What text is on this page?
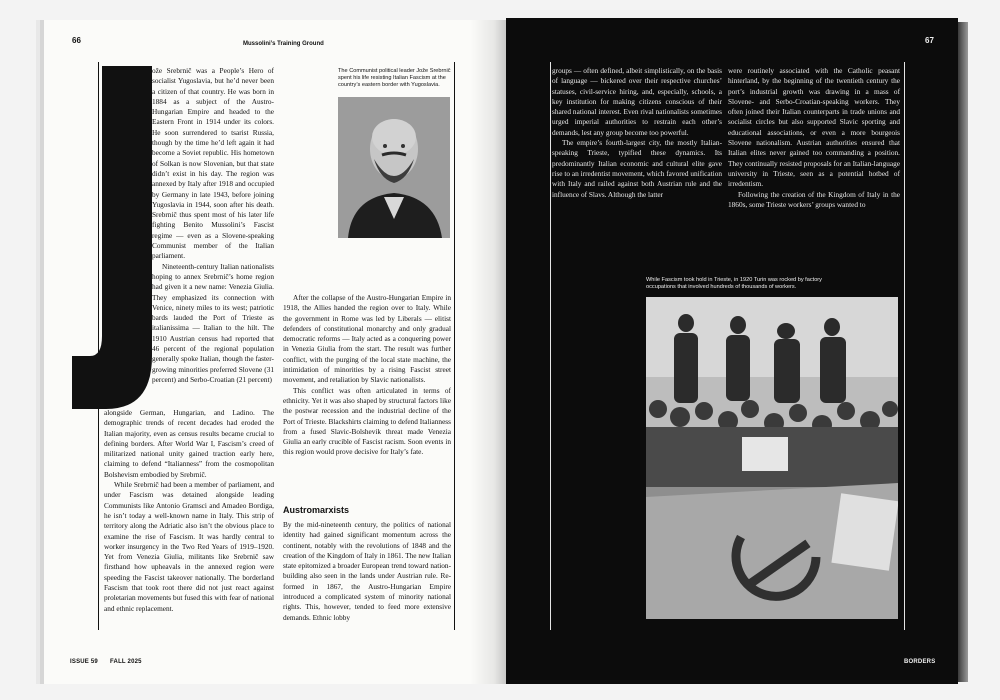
66	Mussolini’s Training Ground	67

ože Srebrnič was a People’s Hero of socialist Yugoslavia, but he’d never been a citizen of that country. He was born in 1884 as a subject of the Austro-Hungarian Empire and headed to the Eastern Front in 1914 under its colors. He soon surrendered to tsarist Russia, though by the time he’d left again it had become a Soviet republic. His hometown of Solkan is now Slovenian, but that state didn’t exist in his day. The region was annexed by Italy after 1918 and occupied by Germany in late 1943, before joining Yugoslavia in 1944, soon after his death. Srebrnič thus spent most of his later life fighting Benito Mussolini’s Fascist regime — even as a Slovene-speaking Communist member of the Italian parliament.

Nineteenth-century Italian nationalists hoping to annex Srebrnič’s home region had given it a new name: Venezia Giulia. They emphasized its connection with Venice, ninety miles to its west; patriotic bards lauded the Port of Trieste as italianissima — Italian to the hilt. The 1910 Austrian census had reported that 46 percent of the regional population generally spoke Italian, though the faster-growing minorities preferred Slovene (31 percent) and Serbo-Croatian (21 percent)

alongside German, Hungarian, and Ladino. The demographic trends of recent decades had eroded the Italian majority, even as census results became crucial to defining borders. After World War I, Fascism’s creed of militarized national unity gained traction early here, claiming to defend “Italianness” from the cosmopolitan Bolshevism embodied by Srebrnič.

While Srebrnič had been a member of parliament, and under Fascism was detained alongside leading Communists like Antonio Gramsci and Amadeo Bordiga, he isn’t today a well-known name in Italy. This strip of territory along the Adriatic also isn’t the obvious place to examine the rise of Fascism. It was hardly central to worker insurgency in the Two Red Years of 1919–1920. Yet from Venezia Giulia, militants like Srebrnič saw firsthand how upheavals in the annexed region were speeding the Fascist takeover nationally. The borderland Fascism that took root there did not just react against proletarian movements but fused this with fear of national and ethnic replacement.

The Communist political leader Jože Srebrnič spent his life resisting Italian Fascism at the country’s eastern border with Yugoslavia.

After the collapse of the Austro-Hungarian Empire in 1918, the Allies handed the region over to Italy. While the government in Rome was led by Liberals — elitist defenders of constitutional monarchy and only gradual democratic reforms — Italy acted as a conquering power in Venezia Giulia from the start. The result was further conflict, with the purging of the local state machine, the intimidation of minorities by a rising Fascist street movement, and retaliation by Slavic nationalists.

This conflict was often articulated in terms of ethnicity. Yet it was also shaped by structural factors like the postwar recession and the industrial decline of the Port of Trieste. Blackshirts claiming to defend Italianness from a fused Slavic-Bolshevik threat made Venezia Giulia an early crucible of Fascist racism. Soon events in this region would prove decisive for Italy’s fate.

Austromarxists

By the mid-nineteenth century, the politics of national identity had gained significant momentum across the continent, notably with the revolutions of 1848 and the creation of the Kingdom of Italy in 1861. The new Italian state epitomized a broader European trend toward nation-building also seen in the lands under Austrian rule. Re-formed in 1867, the Austro-Hungarian Empire introduced a complicated system of minority national rights. This, however, tended to feed more extensive demands. Ethnic lobby

groups — often defined, albeit simplistically, on the basis of language — bickered over their respective churches’ statuses, civil-service hiring, and, especially, schools, a key institution for making citizens conscious of their shared national interest. Even rival nationalists sometimes urged imperial authorities to restrain each other’s demands, lest any group become too powerful.

The empire’s fourth-largest city, the mostly Italian-speaking Trieste, typified these dynamics. Its predominantly Italian economic and cultural elite gave rise to an irredentist movement, which favored unification with Italy and railed against both Austrian rule and the influence of Slavs. Although the latter

were routinely associated with the Catholic peasant hinterland, by the beginning of the twentieth century the port’s industrial growth was drawing in a mass of Slovene- and Serbo-Croatian-speaking workers. They often joined their Italian counterparts in trade unions and socialist circles but also supported Slavic sporting and educational associations, or even a more bourgeois Slovene nationalism. Austrian authorities ensured that Italian elites never gained too commanding a position. They continually resisted proposals for an Italian-language university in Trieste, seen as a potential hotbed of irredentism.

Following the creation of the Kingdom of Italy in the 1860s, some Trieste workers’ groups wanted to

While Fascism took hold in Trieste, in 1920 Turin was rocked by factory occupations that involved hundreds of thousands of workers.
ISSUE 59 FALL 2025	BORDERS
